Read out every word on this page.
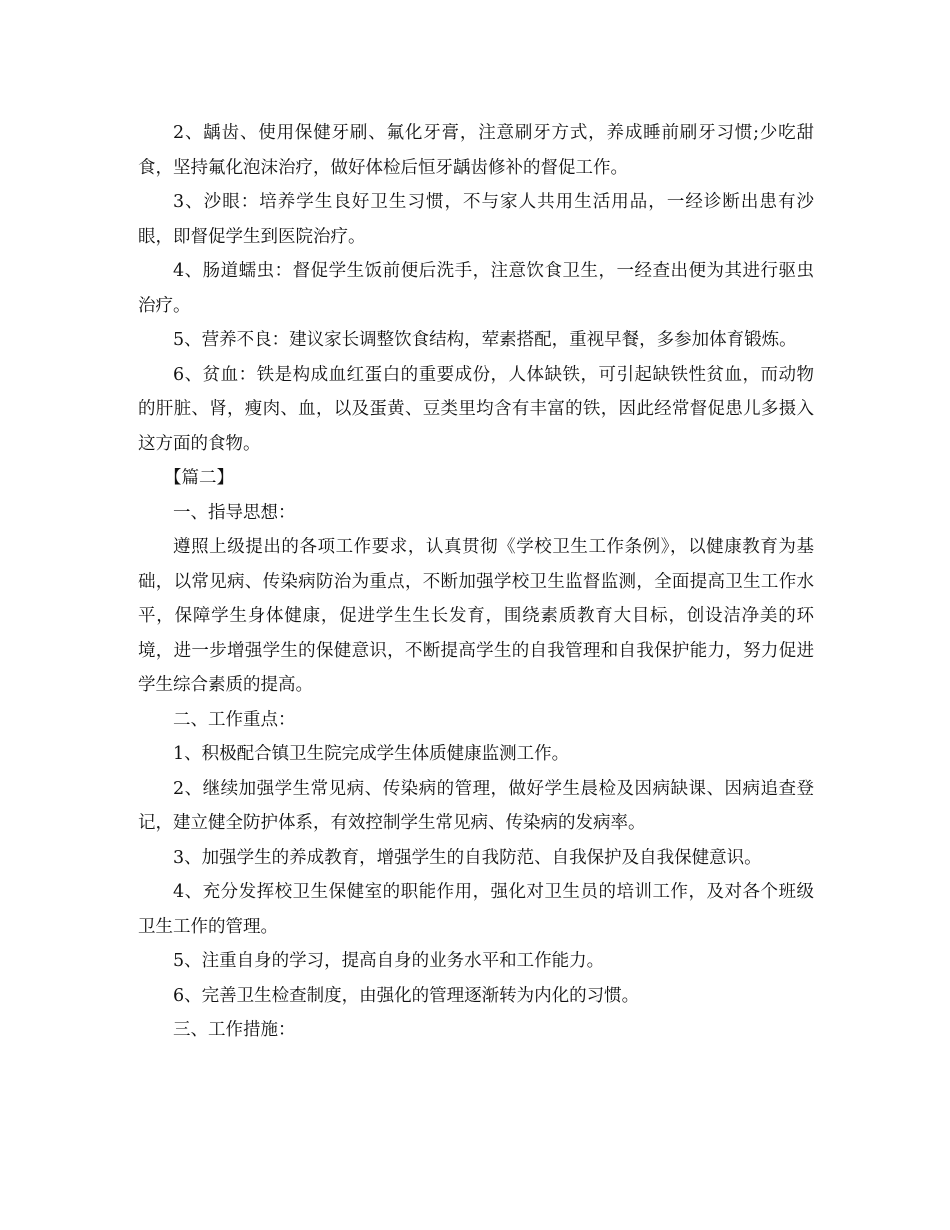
2、龋齿、使用保健牙刷、氟化牙膏，注意刷牙方式，养成睡前刷牙习惯;少吃甜食，坚持氟化泡沫治疗，做好体检后恒牙龋齿修补的督促工作。

3、沙眼：培养学生良好卫生习惯，不与家人共用生活用品，一经诊断出患有沙眼，即督促学生到医院治疗。

4、肠道蠕虫：督促学生饭前便后洗手，注意饮食卫生，一经查出便为其进行驱虫治疗。

5、营养不良：建议家长调整饮食结构，荤素搭配，重视早餐，多参加体育锻炼。

6、贫血：铁是构成血红蛋白的重要成份，人体缺铁，可引起缺铁性贫血，而动物的肝脏、肾，瘦肉、血，以及蛋黄、豆类里均含有丰富的铁，因此经常督促患儿多摄入这方面的食物。

【篇二】

一、指导思想：

遵照上级提出的各项工作要求，认真贯彻《学校卫生工作条例》，以健康教育为基础，以常见病、传染病防治为重点，不断加强学校卫生监督监测，全面提高卫生工作水平，保障学生身体健康，促进学生生长发育，围绕素质教育大目标，创设洁净美的环境，进一步增强学生的保健意识，不断提高学生的自我管理和自我保护能力，努力促进学生综合素质的提高。

二、工作重点：

1、积极配合镇卫生院完成学生体质健康监测工作。

2、继续加强学生常见病、传染病的管理，做好学生晨检及因病缺课、因病追查登记，建立健全防护体系，有效控制学生常见病、传染病的发病率。

3、加强学生的养成教育，增强学生的自我防范、自我保护及自我保健意识。

4、充分发挥校卫生保健室的职能作用，强化对卫生员的培训工作，及对各个班级卫生工作的管理。

5、注重自身的学习，提高自身的业务水平和工作能力。

6、完善卫生检查制度，由强化的管理逐渐转为内化的习惯。

三、工作措施：
